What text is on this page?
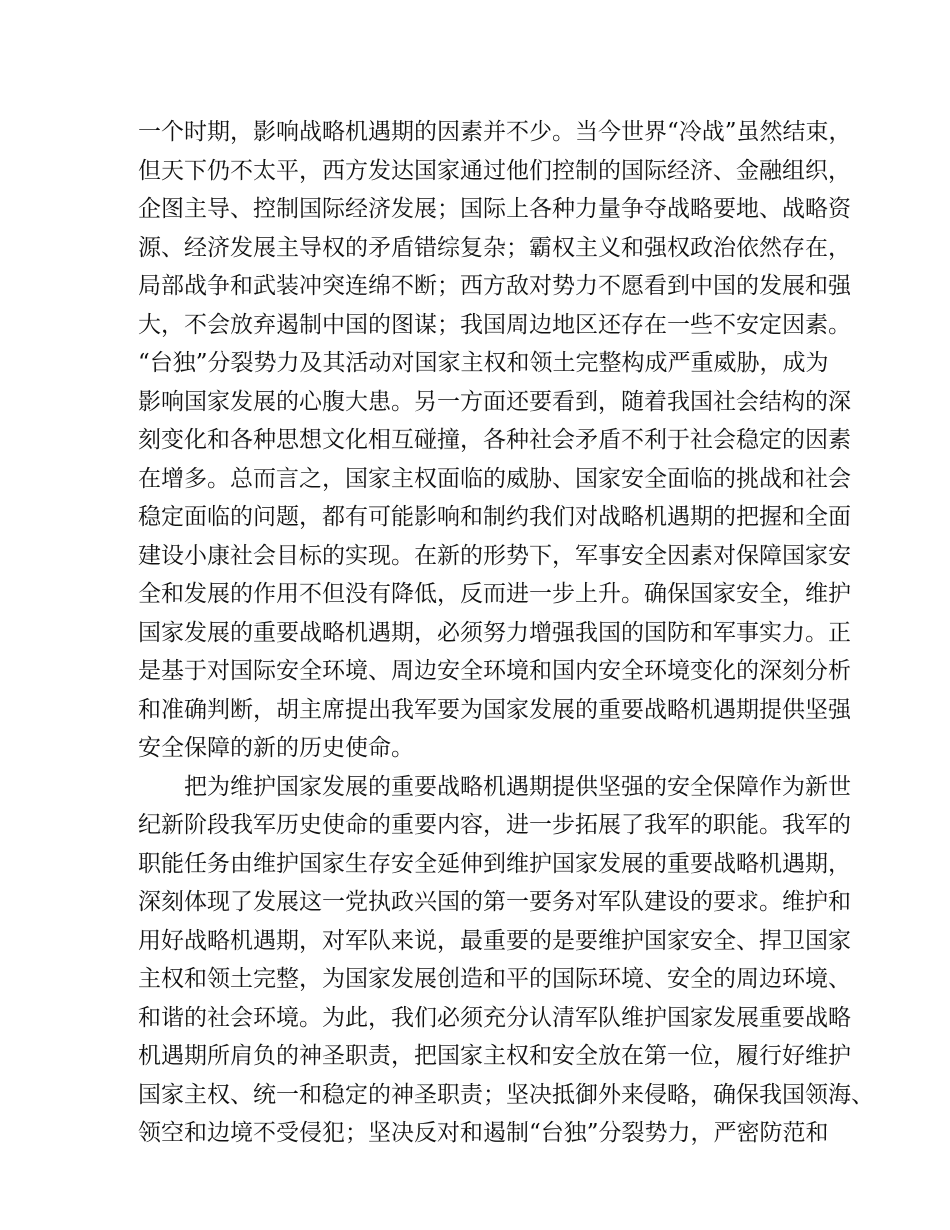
一个时期，影响战略机遇期的因素并不少。当今世界“冷战”虽然结束，
但天下仍不太平，西方发达国家通过他们控制的国际经济、金融组织，
企图主导、控制国际经济发展；国际上各种力量争夺战略要地、战略资
源、经济发展主导权的矛盾错综复杂；霸权主义和强权政治依然存在，
局部战争和武装冲突连绵不断；西方敌对势力不愿看到中国的发展和强
大，不会放弃遏制中国的图谋；我国周边地区还存在一些不安定因素。
“台独”分裂势力及其活动对国家主权和领土完整构成严重威胁，成为
影响国家发展的心腹大患。另一方面还要看到，随着我国社会结构的深
刻变化和各种思想文化相互碰撞，各种社会矛盾不利于社会稳定的因素
在增多。总而言之，国家主权面临的威胁、国家安全面临的挑战和社会
稳定面临的问题，都有可能影响和制约我们对战略机遇期的把握和全面
建设小康社会目标的实现。在新的形势下，军事安全因素对保障国家安
全和发展的作用不但没有降低，反而进一步上升。确保国家安全，维护
国家发展的重要战略机遇期，必须努力增强我国的国防和军事实力。正
是基于对国际安全环境、周边安全环境和国内安全环境变化的深刻分析
和准确判断，胡主席提出我军要为国家发展的重要战略机遇期提供坚强
安全保障的新的历史使命。
把为维护国家发展的重要战略机遇期提供坚强的安全保障作为新世
纪新阶段我军历史使命的重要内容，进一步拓展了我军的职能。我军的
职能任务由维护国家生存安全延伸到维护国家发展的重要战略机遇期，
深刻体现了发展这一党执政兴国的第一要务对军队建设的要求。维护和
用好战略机遇期，对军队来说，最重要的是要维护国家安全、捍卫国家
主权和领土完整，为国家发展创造和平的国际环境、安全的周边环境、
和谐的社会环境。为此，我们必须充分认清军队维护国家发展重要战略
机遇期所肩负的神圣职责，把国家主权和安全放在第一位，履行好维护
国家主权、统一和稳定的神圣职责；坚决抵御外来侵略，确保我国领海、
领空和边境不受侵犯；坚决反对和遏制“台独”分裂势力，严密防范和
